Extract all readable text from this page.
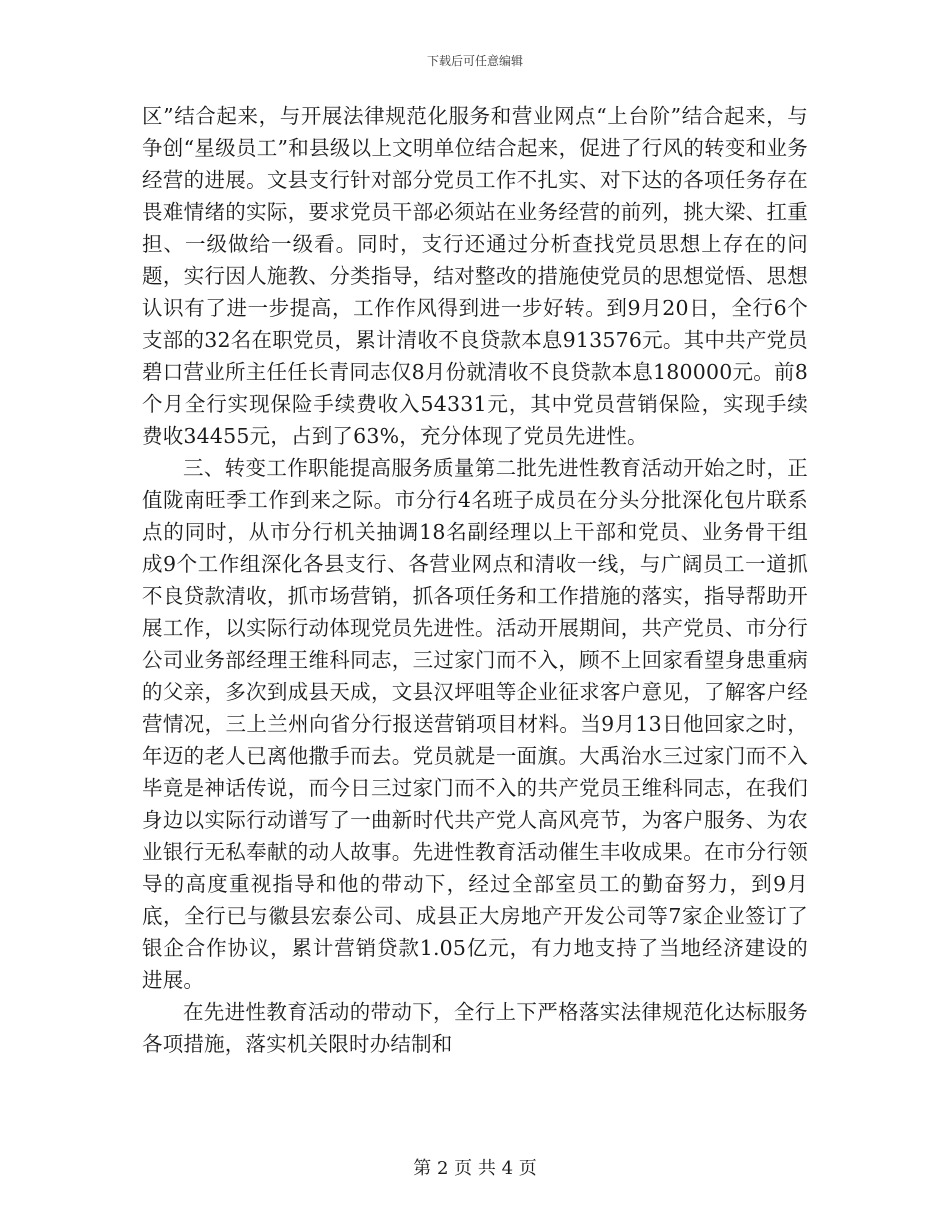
下载后可任意编辑

区”结合起来，与开展法律规范化服务和营业网点“上台阶”结合起来，与争创“星级员工”和县级以上文明单位结合起来，促进了行风的转变和业务经营的进展。文县支行针对部分党员工作不扎实、对下达的各项任务存在畏难情绪的实际，要求党员干部必须站在业务经营的前列，挑大梁、扛重担、一级做给一级看。同时，支行还通过分析查找党员思想上存在的问题，实行因人施教、分类指导，结对整改的措施使党员的思想觉悟、思想认识有了进一步提高，工作作风得到进一步好转。到9月20日，全行6个支部的32名在职党员，累计清收不良贷款本息913576元。其中共产党员碧口营业所主任任长青同志仅8月份就清收不良贷款本息180000元。前8个月全行实现保险手续费收入54331元，其中党员营销保险，实现手续费收34455元，占到了63%，充分体现了党员先进性。

三、转变工作职能提高服务质量第二批先进性教育活动开始之时，正值陇南旺季工作到来之际。市分行4名班子成员在分头分批深化包片联系点的同时，从市分行机关抽调18名副经理以上干部和党员、业务骨干组成9个工作组深化各县支行、各营业网点和清收一线，与广阔员工一道抓不良贷款清收，抓市场营销，抓各项任务和工作措施的落实，指导帮助开展工作，以实际行动体现党员先进性。活动开展期间，共产党员、市分行公司业务部经理王维科同志，三过家门而不入，顾不上回家看望身患重病的父亲，多次到成县天成，文县汉坪咀等企业征求客户意见，了解客户经营情况，三上兰州向省分行报送营销项目材料。当9月13日他回家之时，年迈的老人已离他撒手而去。党员就是一面旗。大禹治水三过家门而不入毕竟是神话传说，而今日三过家门而不入的共产党员王维科同志，在我们身边以实际行动谱写了一曲新时代共产党人高风亮节，为客户服务、为农业银行无私奉献的动人故事。先进性教育活动催生丰收成果。在市分行领导的高度重视指导和他的带动下，经过全部室员工的勤奋努力，到9月底，全行已与徽县宏泰公司、成县正大房地产开发公司等7家企业签订了银企合作协议，累计营销贷款1.05亿元，有力地支持了当地经济建设的进展。

在先进性教育活动的带动下，全行上下严格落实法律规范化达标服务各项措施，落实机关限时办结制和

第 2 页 共 4 页
